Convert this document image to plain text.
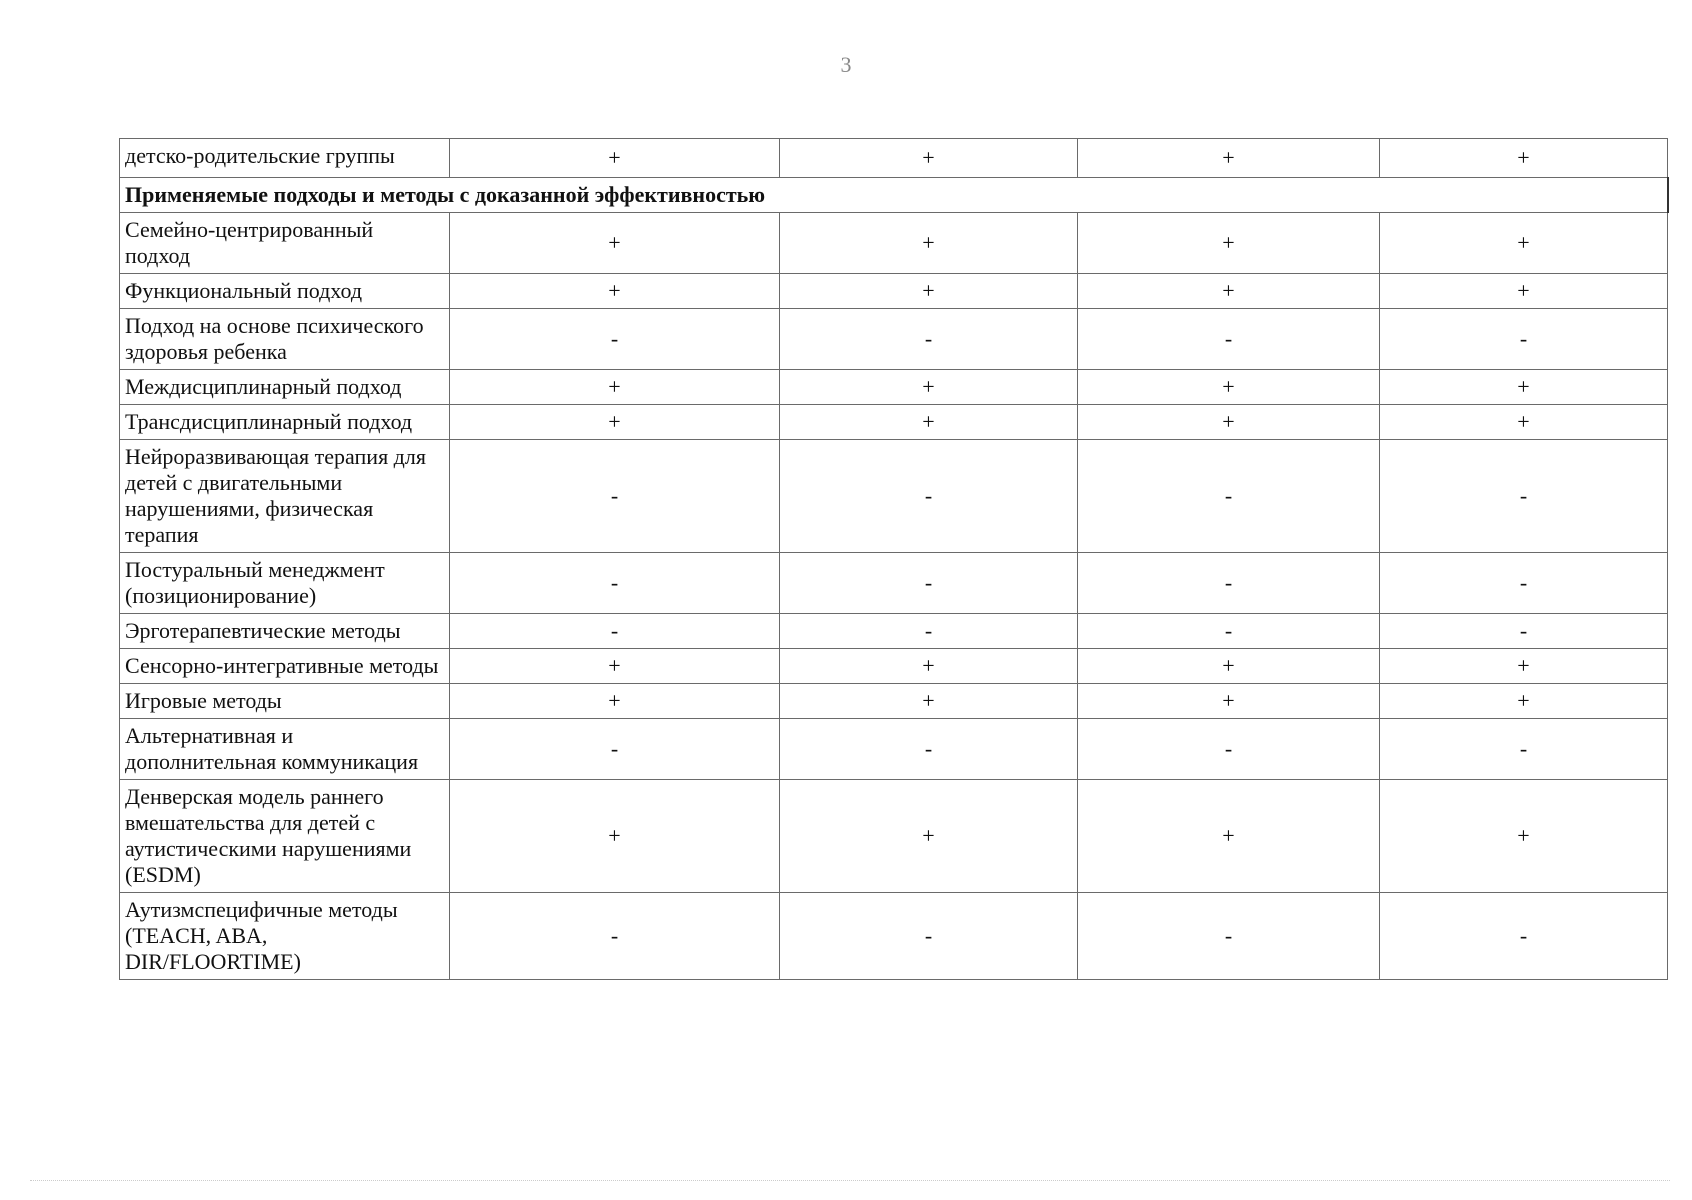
3
детско-родительские группы	+	+	+	+
Применяемые подходы и методы с доказанной эффективностью				
Семейно-центрированный подход	+	+	+	+
Функциональный подход	+	+	+	+
Подход на основе психического здоровья ребенка	-	-	-	-
Междисциплинарный подход	+	+	+	+
Трансдисциплинарный подход	+	+	+	+
Нейроразвивающая терапия для детей с двигательными нарушениями, физическая терапия	-	-	-	-
Постуральный менеджмент (позиционирование)	-	-	-	-
Эрготерапевтические методы	-	-	-	-
Сенсорно-интегративные методы	+	+	+	+
Игровые методы	+	+	+	+
Альтернативная и дополнительная коммуникация	-	-	-	-
Денверская модель раннего вмешательства для детей с аутистическими нарушениями (ESDM)	+	+	+	+
Аутизмспецифичные методы (TEACH, ABA, DIR/FLOORTIME)	-	-	-	-
